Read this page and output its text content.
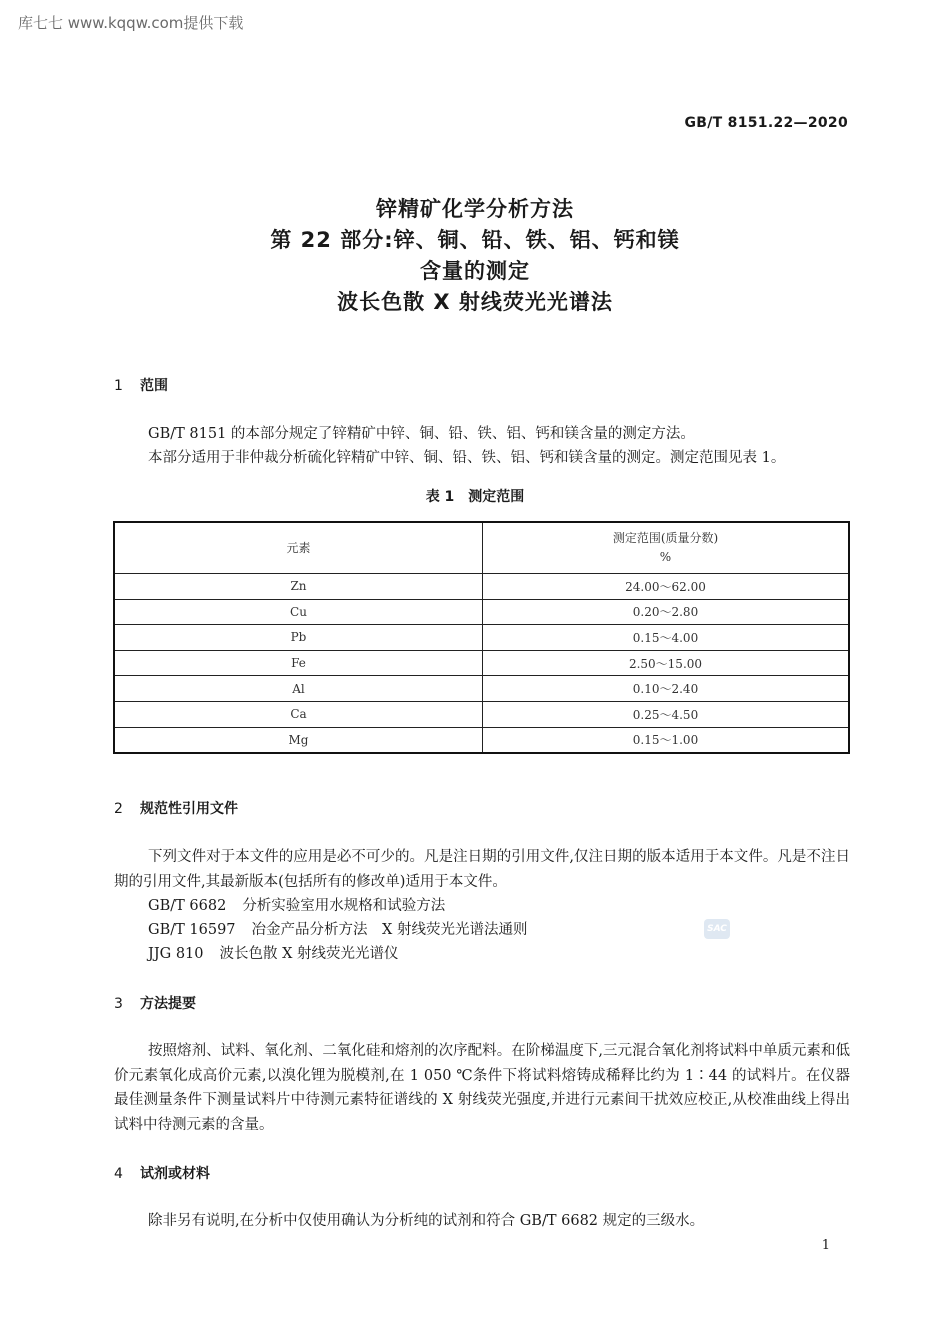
库七七 www.kqqw.com提供下载
GB/T 8151.22—2020
锌精矿化学分析方法
第 22 部分:锌、铜、铅、铁、铝、钙和镁
含量的测定
波长色散 X 射线荧光光谱法
1 范围
GB/T 8151 的本部分规定了锌精矿中锌、铜、铅、铁、铝、钙和镁含量的测定方法。
本部分适用于非仲裁分析硫化锌精矿中锌、铜、铅、铁、铝、钙和镁含量的测定。测定范围见表 1。
表 1　测定范围
元素	测定范围(质量分数)
%

Zn	24.00～62.00
Cu	0.20～2.80
Pb	0.15～4.00
Fe	2.50～15.00
Al	0.10～2.40
Ca	0.25～4.50
Mg	0.15～1.00
2 规范性引用文件
下列文件对于本文件的应用是必不可少的。凡是注日期的引用文件,仅注日期的版本适用于本文件。凡是不注日期的引用文件,其最新版本(包括所有的修改单)适用于本文件。
GB/T 6682 分析实验室用水规格和试验方法
GB/T 16597 冶金产品分析方法　X 射线荧光光谱法通则
JJG 810 波长色散 X 射线荧光光谱仪
SAC
3 方法提要
按照熔剂、试料、氧化剂、二氧化硅和熔剂的次序配料。在阶梯温度下,三元混合氧化剂将试料中单质元素和低价元素氧化成高价元素,以溴化锂为脱模剂,在 1 050 ℃条件下将试料熔铸成稀释比约为 1∶44 的试料片。在仪器最佳测量条件下测量试料片中待测元素特征谱线的 X 射线荧光强度,并进行元素间干扰效应校正,从校准曲线上得出试料中待测元素的含量。
4 试剂或材料
除非另有说明,在分析中仅使用确认为分析纯的试剂和符合 GB/T 6682 规定的三级水。
1
